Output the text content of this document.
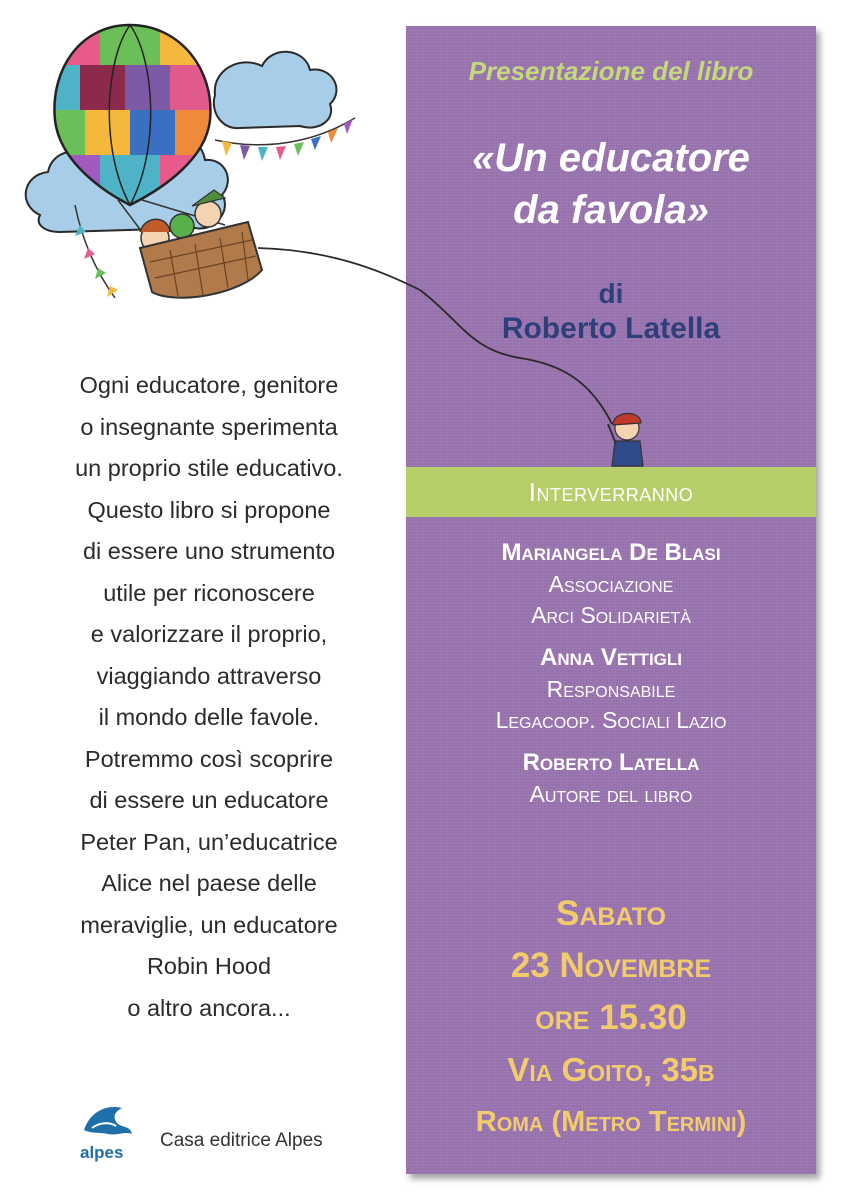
Ogni educatore, genitore
o insegnante sperimenta
un proprio stile educativo.
Questo libro si propone
di essere uno strumento
utile per riconoscere
e valorizzare il proprio,
viaggiando attraverso
il mondo delle favole.
Potremmo così scoprire
di essere un educatore
Peter Pan, un’educatrice
Alice nel paese delle
meraviglie, un educatore
Robin Hood
o altro ancora...
alpes
Casa editrice Alpes
Presentazione del libro
«Un educatore
da favola»
di
Roberto Latella
Interverranno
Mariangela De Blasi
Associazione
Arci Solidarietà
Anna Vettigli
Responsabile
Legacoop. Sociali Lazio
Roberto Latella
Autore del libro
Sabato
23 Novembre
ore 15.30
Via Goito, 35b
Roma (Metro Termini)
